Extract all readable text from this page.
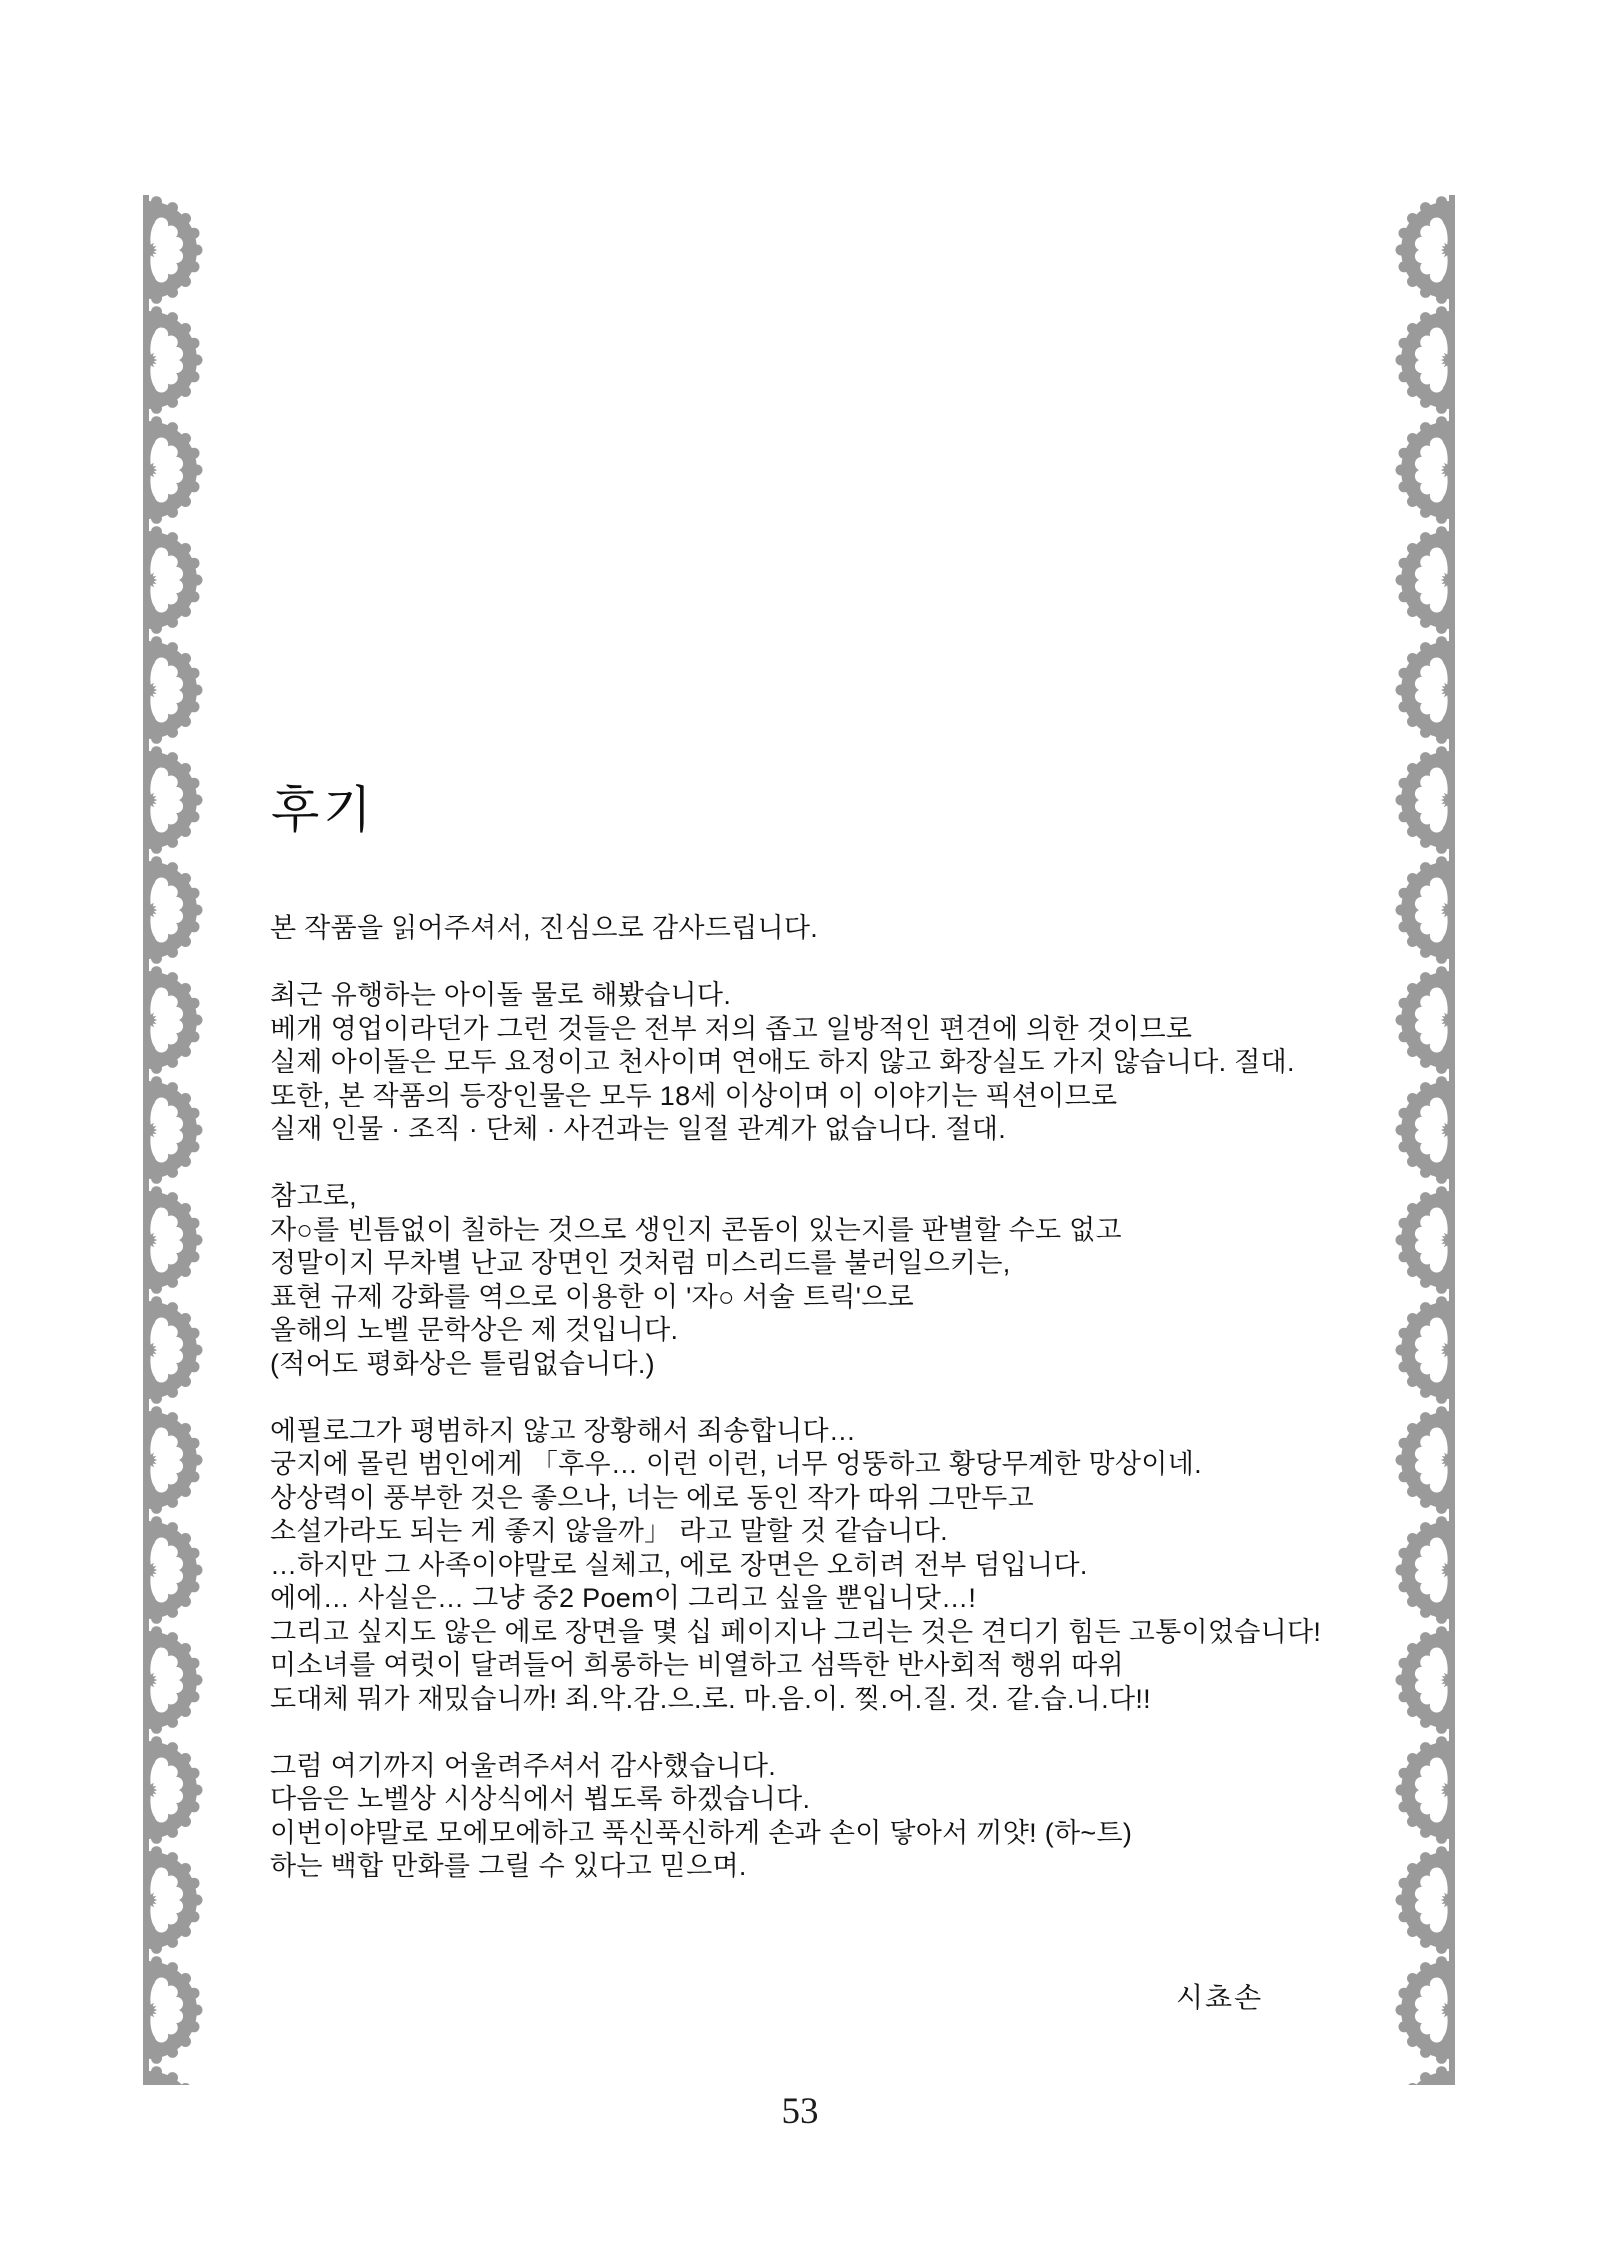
후기
본 작품을 읽어주셔서, 진심으로 감사드립니다.
최근 유행하는 아이돌 물로 해봤습니다.
베개 영업이라던가 그런 것들은 전부 저의 좁고 일방적인 편견에 의한 것이므로
실제 아이돌은 모두 요정이고 천사이며 연애도 하지 않고 화장실도 가지 않습니다. 절대.
또한, 본 작품의 등장인물은 모두 18세 이상이며 이 이야기는 픽션이므로
실재 인물 · 조직 · 단체 · 사건과는 일절 관계가 없습니다. 절대.
참고로,
자○를 빈틈없이 칠하는 것으로 생인지 콘돔이 있는지를 판별할 수도 없고
정말이지 무차별 난교 장면인 것처럼 미스리드를 불러일으키는,
표현 규제 강화를 역으로 이용한 이 '자○ 서술 트릭'으로
올해의 노벨 문학상은 제 것입니다.
(적어도 평화상은 틀림없습니다.)
에필로그가 평범하지 않고 장황해서 죄송합니다…
궁지에 몰린 범인에게 「후우… 이런 이런, 너무 엉뚱하고 황당무계한 망상이네.
상상력이 풍부한 것은 좋으나, 너는 에로 동인 작가 따위 그만두고
소설가라도 되는 게 좋지 않을까」 라고 말할 것 같습니다.
…하지만 그 사족이야말로 실체고, 에로 장면은 오히려 전부 덤입니다.
에에… 사실은… 그냥 중2 Poem이 그리고 싶을 뿐입니닷…!
그리고 싶지도 않은 에로 장면을 몇 십 페이지나 그리는 것은 견디기 힘든 고통이었습니다!
미소녀를 여럿이 달려들어 희롱하는 비열하고 섬뜩한 반사회적 행위 따위
도대체 뭐가 재밌습니까! 죄.악.감.으.로. 마.음.이. 찢.어.질. 것. 같.습.니.다!!
그럼 여기까지 어울려주셔서 감사했습니다.
다음은 노벨상 시상식에서 뵙도록 하겠습니다.
이번이야말로 모에모에하고 푹신푹신하게 손과 손이 닿아서 끼얏! (하~트)
하는 백합 만화를 그릴 수 있다고 믿으며.
시쵸손
53
